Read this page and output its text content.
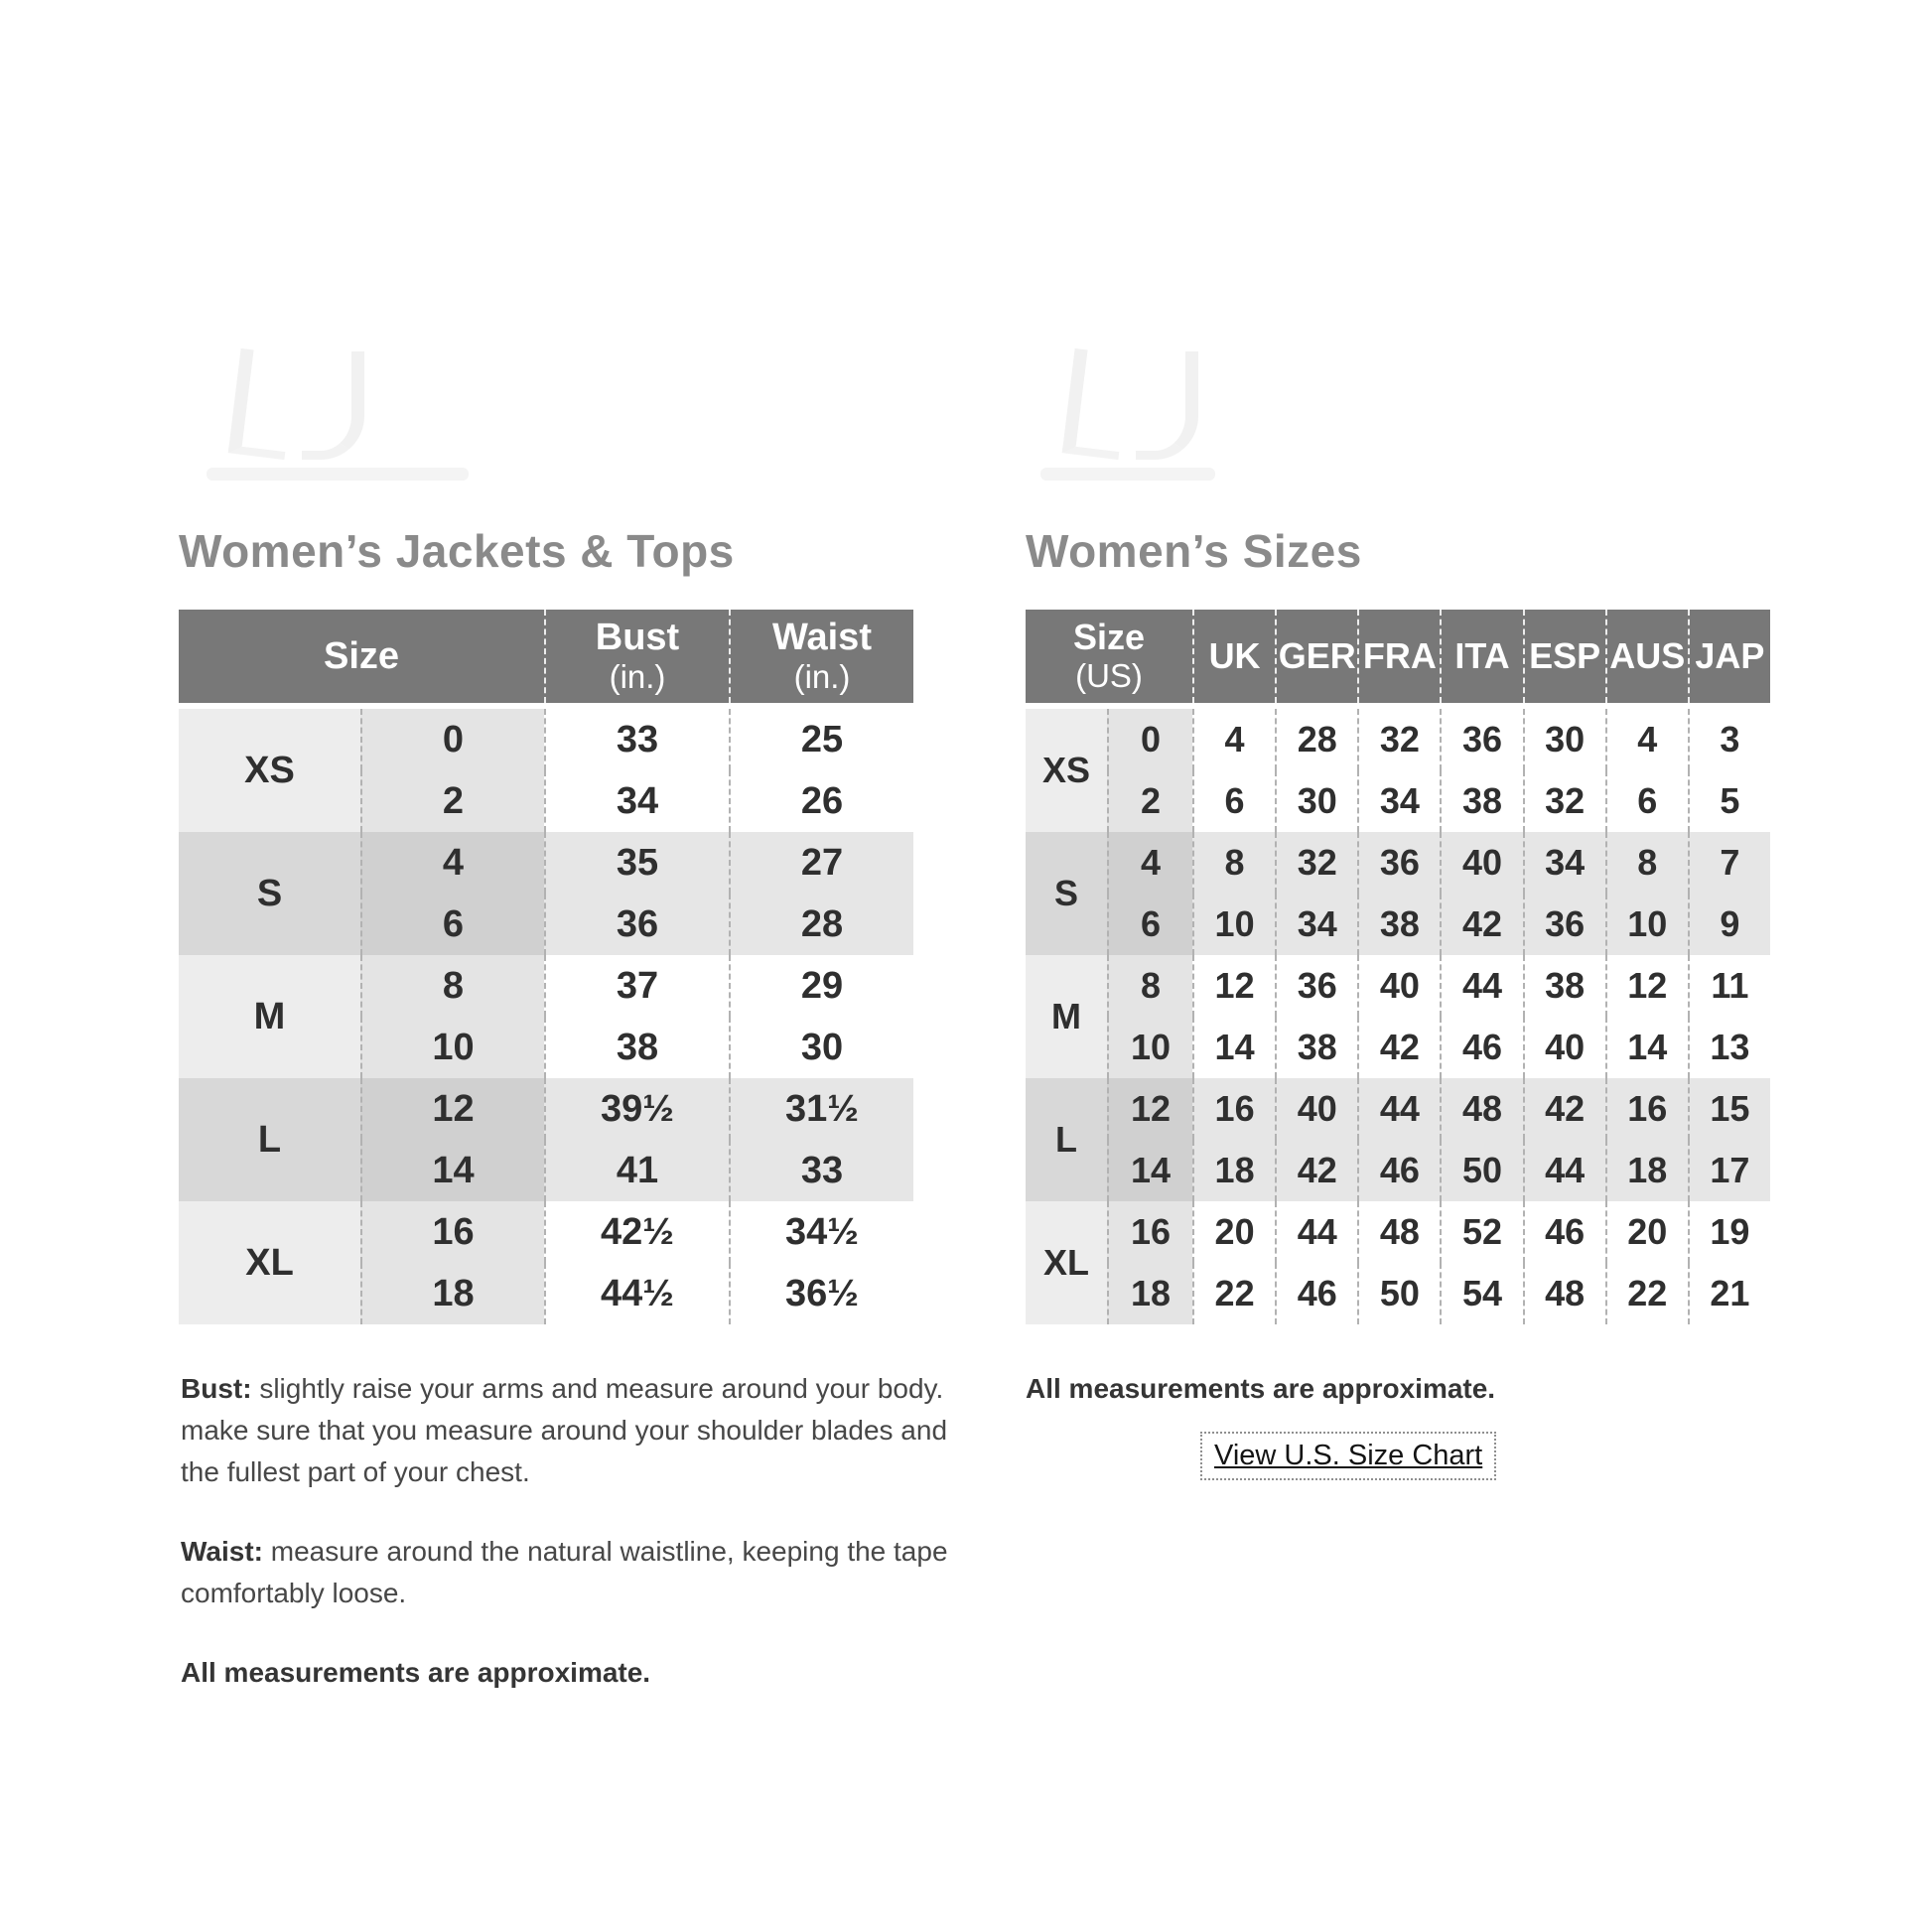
Women’s Jackets & Tops
Size	Bust
(in.)
Waist
(in.)
XS
0	33	25
2	34	26
S
4	35	27
6	36	28
M
8	37	29
10	38	30
L
12	39½	31½
14	41	33
XL
16	42½	34½
18	44½	36½

Bust: slightly raise your arms and measure around your body.
make sure that you measure around your shoulder blades and
the fullest part of your chest.

Waist: measure around the natural waistline, keeping the tape
comfortably loose.

All measurements are approximate.

Women’s Sizes
Size
(US)	UK GER FRA ITA ESP AUS JAP
XS
0	4	28	32	36	30	4	3
2	6	30	34	38	32	6	5
S
4	8	32	36	40	34	8	7
6	10	34	38	42	36	10	9
M
8	12	36	40	44	38	12	11
10	14	38	42	46	40	14	13
L
12	16	40	44	48	42	16	15
14	18	42	46	50	44	18	17
XL
16	20	44	48	52	46	20	19
18	22	46	50	54	48	22	21
All measurements are approximate.
View U.S. Size Chart
